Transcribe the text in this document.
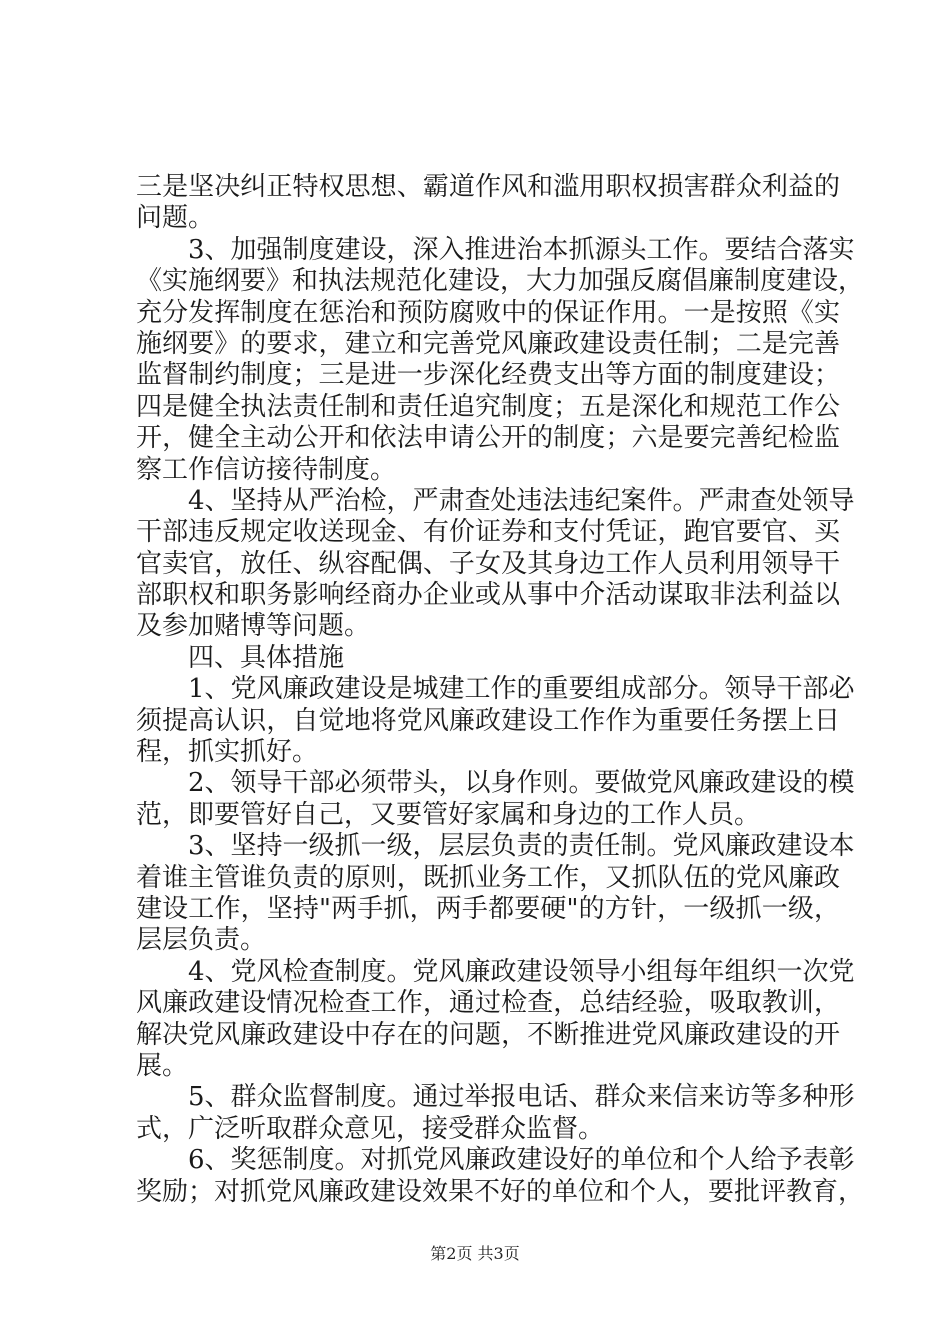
三是坚决纠正特权思想、霸道作风和滥用职权损害群众利益的
问题。
3、加强制度建设，深入推进治本抓源头工作。要结合落实
《实施纲要》和执法规范化建设，大力加强反腐倡廉制度建设，
充分发挥制度在惩治和预防腐败中的保证作用。一是按照《实
施纲要》的要求，建立和完善党风廉政建设责任制；二是完善
监督制约制度；三是进一步深化经费支出等方面的制度建设；
四是健全执法责任制和责任追究制度；五是深化和规范工作公
开，健全主动公开和依法申请公开的制度；六是要完善纪检监
察工作信访接待制度。
4、坚持从严治检，严肃查处违法违纪案件。严肃查处领导
干部违反规定收送现金、有价证券和支付凭证，跑官要官、买
官卖官，放任、纵容配偶、子女及其身边工作人员利用领导干
部职权和职务影响经商办企业或从事中介活动谋取非法利益以
及参加赌博等问题。
四、具体措施
1、党风廉政建设是城建工作的重要组成部分。领导干部必
须提高认识，自觉地将党风廉政建设工作作为重要任务摆上日
程，抓实抓好。
2、领导干部必须带头，以身作则。要做党风廉政建设的模
范，即要管好自己，又要管好家属和身边的工作人员。
3、坚持一级抓一级，层层负责的责任制。党风廉政建设本
着谁主管谁负责的原则，既抓业务工作，又抓队伍的党风廉政
建设工作，坚持"两手抓，两手都要硬"的方针，一级抓一级，
层层负责。
4、党风检查制度。党风廉政建设领导小组每年组织一次党
风廉政建设情况检查工作，通过检查，总结经验，吸取教训，
解决党风廉政建设中存在的问题，不断推进党风廉政建设的开
展。
5、群众监督制度。通过举报电话、群众来信来访等多种形
式，广泛听取群众意见，接受群众监督。
6、奖惩制度。对抓党风廉政建设好的单位和个人给予表彰
奖励；对抓党风廉政建设效果不好的单位和个人，要批评教育，
第2页 共3页
